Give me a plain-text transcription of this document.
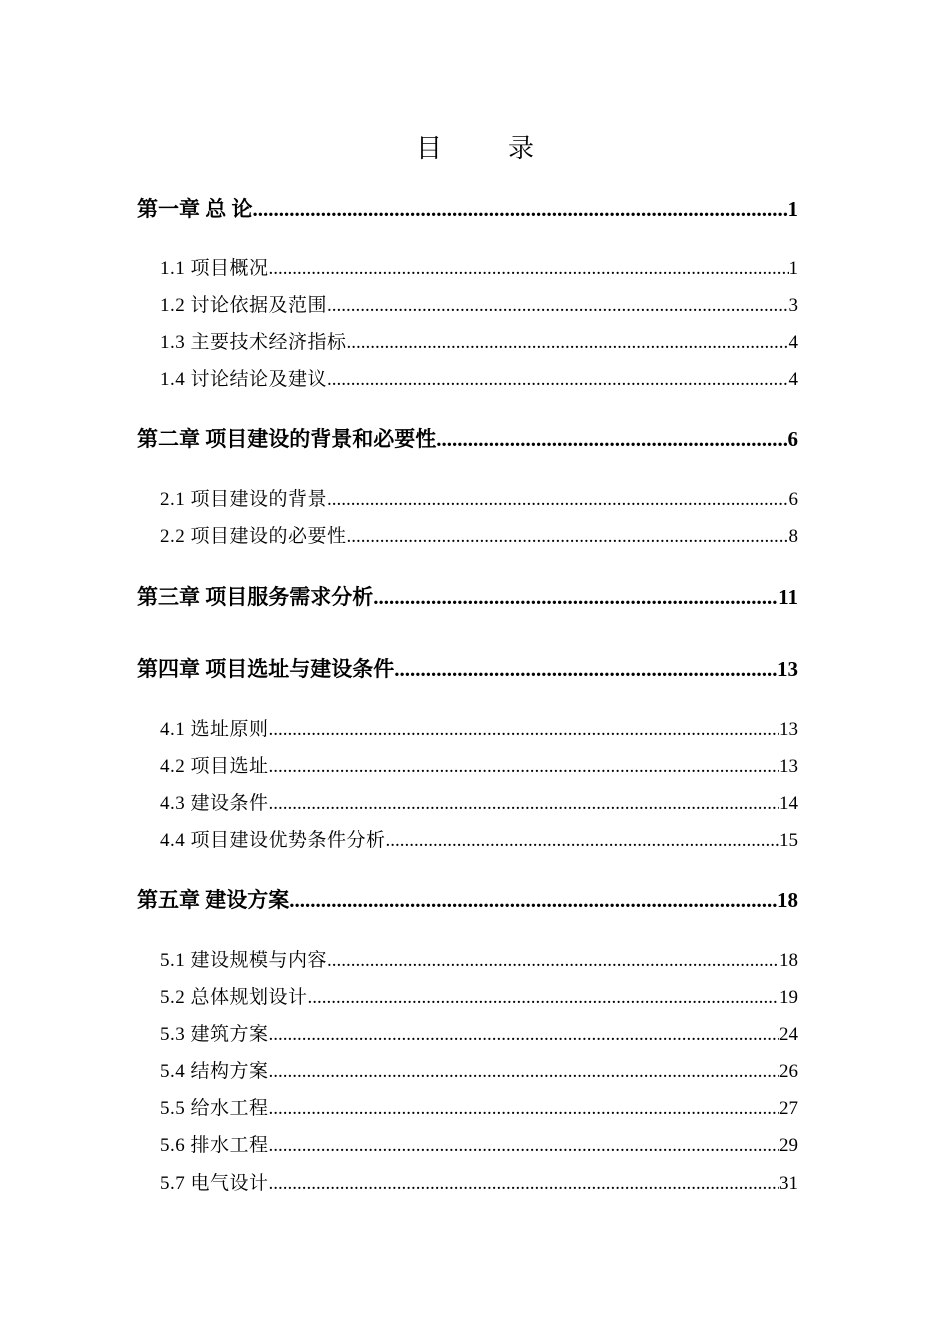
目　录
第一章 总 论 .....	1
1.1 项目概况 .....	1
1.2 讨论依据及范围 .....	3
1.3 主要技术经济指标 .....	4
1.4 讨论结论及建议 .....	4
第二章 项目建设的背景和必要性 .....	6
2.1 项目建设的背景 .....	6
2.2 项目建设的必要性 .....	8
第三章 项目服务需求分析 .....	11
第四章 项目选址与建设条件 .....	13
4.1 选址原则 .....	13
4.2 项目选址 .....	13
4.3 建设条件 .....	14
4.4 项目建设优势条件分析 .....	15
第五章 建设方案 .....	18
5.1 建设规模与内容 .....	18
5.2 总体规划设计 .....	19
5.3 建筑方案 .....	24
5.4 结构方案 .....	26
5.5 给水工程 .....	27
5.6 排水工程 .....	29
5.7 电气设计 .....	31
